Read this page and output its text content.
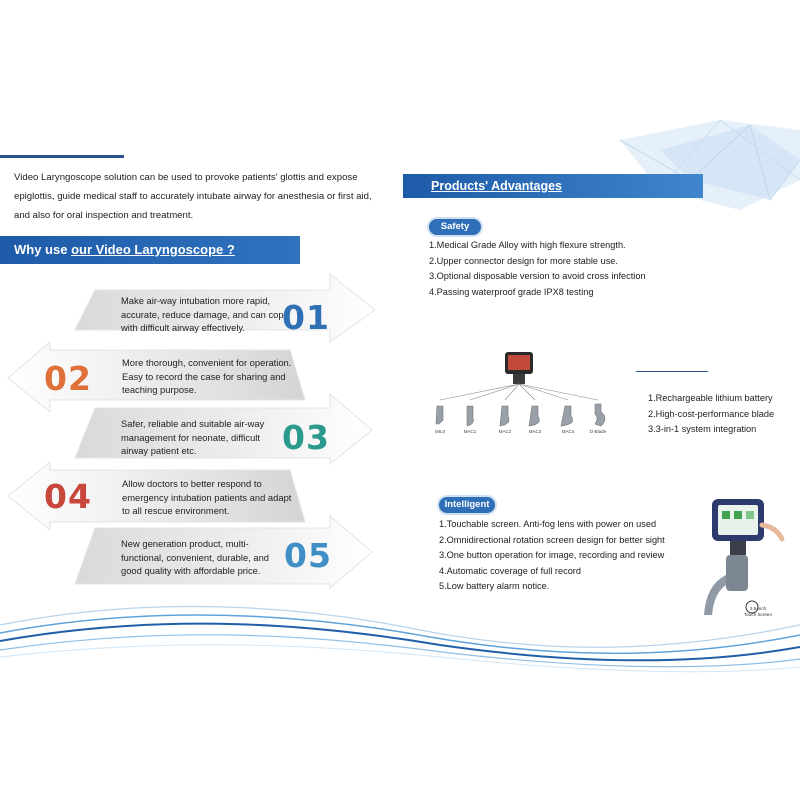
Video Laryngoscope solution can be used to provoke patients' glottis and expose epiglottis, guide medical staff to accurately intubate airway for anesthesia or first aid, and also for oral inspection and treatment.
Why use our Video Laryngoscope ?
Make air-way intubation more rapid, accurate, reduce damage, and can cope with difficult airway effectively.	01
02	More thorough, convenient for operation. Easy to record the case for sharing and teaching purpose.
Safer, reliable and suitable air-way management for neonate, difficult airway patient etc.	03
04	Allow doctors to better respond to emergency intubation patients and adapt to all rescue environment.
New generation product, multi-functional, convenient, durable, and good quality with affordable price. 05
Products' Advantages
Safety
1.Medical Grade Alloy with high flexure strength.
2.Upper connector design for more stable use.
3.Optional disposable version to avoid cross infection
4.Passing waterproof grade IPX8 testing
MIL0	MAC1	MAC2	MAC3	MAC4	D-Blade
1.Rechargeable lithium battery
2.High-cost-performance blade
3.3-in-1 system integration
Intelligent
1.Touchable screen. Anti-fog lens with power on used
2.Omnidirectional rotation screen design for better sight
3.One button operation for image, recording and review
4.Automatic coverage of full record
5.Low battery alarm notice.
3.5-inch
Touch Screen
